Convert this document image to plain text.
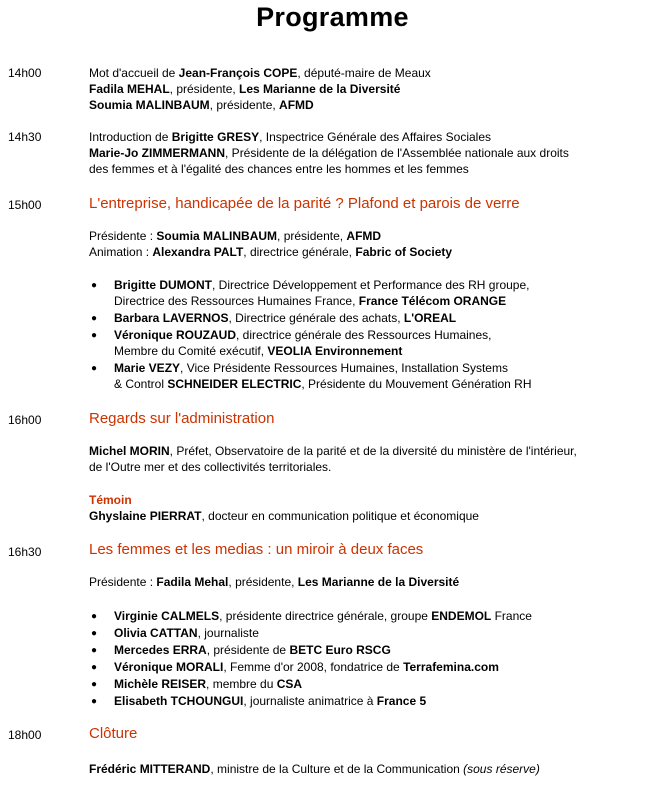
Programme
14h00	Mot d'accueil de Jean-François COPE, député-maire de Meaux
Fadila MEHAL, présidente, Les Marianne de la Diversité
Soumia MALINBAUM, présidente, AFMD
14h30	Introduction de Brigitte GRESY, Inspectrice Générale des Affaires Sociales
Marie-Jo ZIMMERMANN, Présidente de la délégation de l'Assemblée nationale aux droits
des femmes et à l'égalité des chances entre les hommes et les femmes
15h00	L'entreprise, handicapée de la parité ? Plafond et parois de verre
Présidente : Soumia MALINBAUM, présidente, AFMD
Animation : Alexandra PALT, directrice générale, Fabric of Society
● Brigitte DUMONT, Directrice Développement et Performance des RH groupe,
Directrice des Ressources Humaines France, France Télécom ORANGE
● Barbara LAVERNOS, Directrice générale des achats, L'OREAL
● Véronique ROUZAUD, directrice générale des Ressources Humaines,
Membre du Comité exécutif, VEOLIA Environnement
● Marie VEZY, Vice Présidente Ressources Humaines, Installation Systems
& Control SCHNEIDER ELECTRIC, Présidente du Mouvement Génération RH
16h00	Regards sur l'administration
Michel MORIN, Préfet, Observatoire de la parité et de la diversité du ministère de l'intérieur,
de l'Outre mer et des collectivités territoriales.
Témoin
Ghyslaine PIERRAT, docteur en communication politique et économique
16h30	Les femmes et les medias : un miroir à deux faces
Présidente : Fadila Mehal, présidente, Les Marianne de la Diversité
● Virginie CALMELS, présidente directrice générale, groupe ENDEMOL France
● Olivia CATTAN, journaliste
● Mercedes ERRA, présidente de BETC Euro RSCG
● Véronique MORALI, Femme d'or 2008, fondatrice de Terrafemina.com
● Michèle REISER, membre du CSA
● Elisabeth TCHOUNGUI, journaliste animatrice à France 5
18h00	Clôture
Frédéric MITTERAND, ministre de la Culture et de la Communication (sous réserve)
